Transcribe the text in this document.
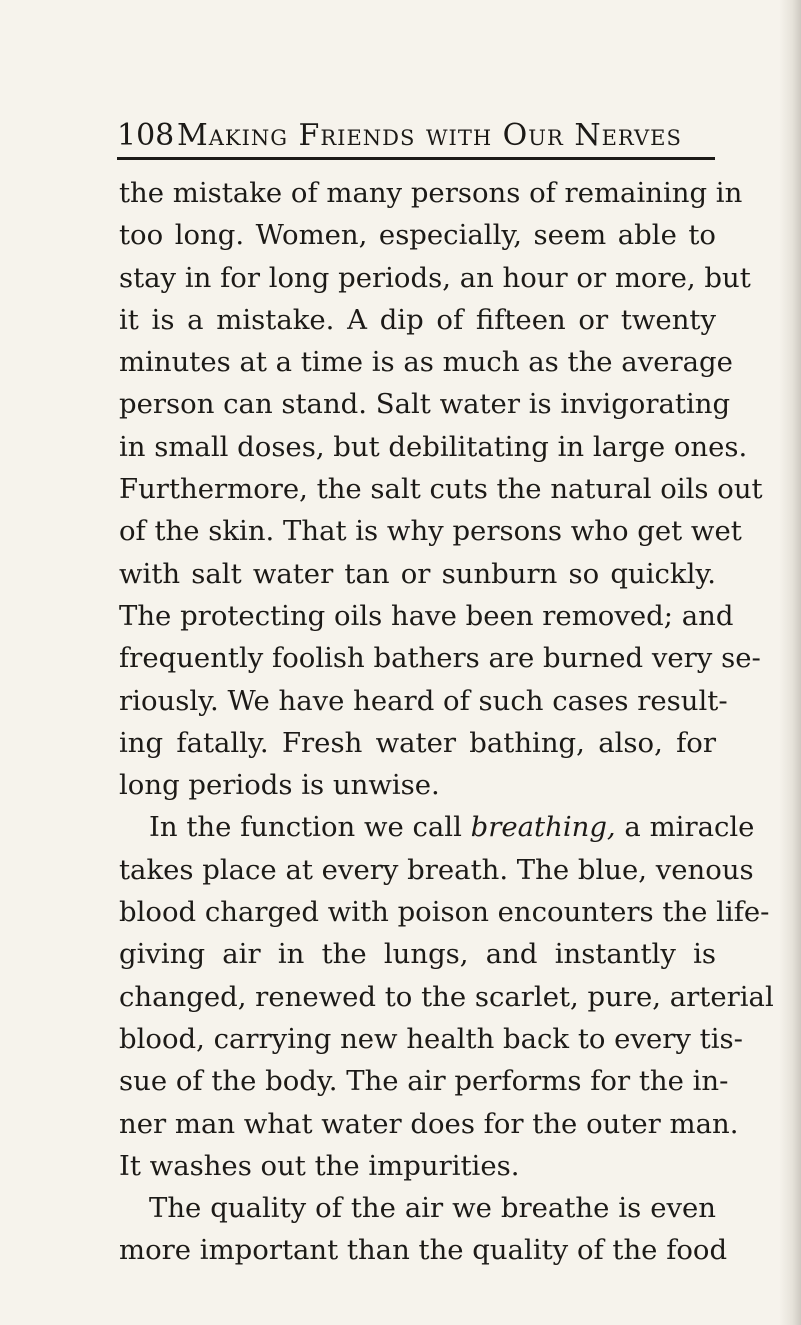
108 Making Friends with Our Nerves
the mistake of many persons of remaining in
too long. Women, especially, seem able to
stay in for long periods, an hour or more, but
it is a mistake. A dip of fifteen or twenty
minutes at a time is as much as the average
person can stand. Salt water is invigorating
in small doses, but debilitating in large ones.
Furthermore, the salt cuts the natural oils out
of the skin. That is why persons who get wet
with salt water tan or sunburn so quickly.
The protecting oils have been removed; and
frequently foolish bathers are burned very se-
riously. We have heard of such cases result-
ing fatally. Fresh water bathing, also, for
long periods is unwise.
In the function we call breathing, a miracle
takes place at every breath. The blue, venous
blood charged with poison encounters the life-
giving air in the lungs, and instantly is
changed, renewed to the scarlet, pure, arterial
blood, carrying new health back to every tis-
sue of the body. The air performs for the in-
ner man what water does for the outer man.
It washes out the impurities.
The quality of the air we breathe is even
more important than the quality of the food
